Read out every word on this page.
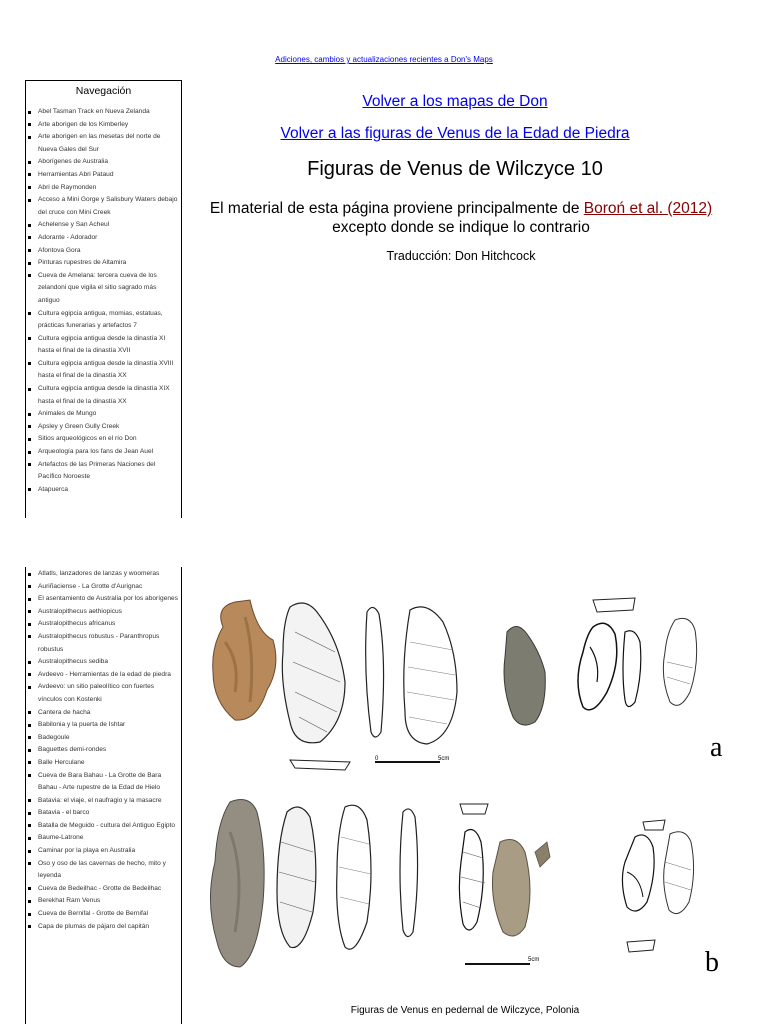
Adiciones, cambios y actualizaciones recientes a Don's Maps
Navegación
Abel Tasman Track en Nueva Zelanda
Arte aborigen de los Kimberley
Arte aborigen en las mesetas del norte de Nueva Gales del Sur
Aborígenes de Australia
Herramientas Abri Pataud
Abri de Raymonden
Acceso a Mini Gorge y Salisbury Waters debajo del cruce con Mini Creek
Achelense y San Acheul
Adorante - Adorador
Afontova Gora
Pinturas rupestres de Altamira
Cueva de Amelana: tercera cueva de los zelandoni que vigila el sitio sagrado más antiguo
Cultura egipcia antigua, momias, estatuas, prácticas funerarias y artefactos 7
Cultura egipcia antigua desde la dinastía XI hasta el final de la dinastía XVII
Cultura egipcia antigua desde la dinastía XVIII hasta el final de la dinastía XX
Cultura egipcia antigua desde la dinastía XIX hasta el final de la dinastía XX
Animales de Mungo
Apsley y Green Gully Creek
Sitios arqueológicos en el río Don
Arqueología para los fans de Jean Auel
Artefactos de las Primeras Naciones del Pacífico Noroeste
Atapuerca
Atlatls, lanzadores de lanzas y woomeras
Auriñaciense - La Grotte d'Aurignac
El asentamiento de Australia por los aborígenes
Australopithecus aethiopicus
Australopithecus africanus
Australopithecus robustus - Paranthropus robustus
Australopithecus sediba
Avdeevo - Herramientas de la edad de piedra
Avdeevo: un sitio paleolítico con fuertes vínculos con Kostenki
Cantera de hacha
Babilonia y la puerta de Ishtar
Badegoule
Baguettes demi-rondes
Balle Herculane
Cueva de Bara Bahau - La Grotte de Bara Bahau - Arte rupestre de la Edad de Hielo
Batavia: el viaje, el naufragio y la masacre
Batavia - el barco
Batalla de Meguido - cultura del Antiguo Egipto
Baume-Latrone
Caminar por la playa en Australia
Oso y oso de las cavernas de hecho, mito y leyenda
Cueva de Bedeilhac - Grotte de Bedeilhac
Berekhat Ram Venus
Cueva de Bernifal - Grotte de Bernifal
Capa de plumas de pájaro del capitán
Volver a los mapas de Don
Volver a las figuras de Venus de la Edad de Piedra
Figuras de Venus de Wilczyce 10
El material de esta página proviene principalmente de Boroń et al. (2012) excepto donde se indique lo contrario
Traducción: Don Hitchcock
0	5cm
5cm
a
b
Figuras de Venus en pedernal de Wilczyce, Polonia
